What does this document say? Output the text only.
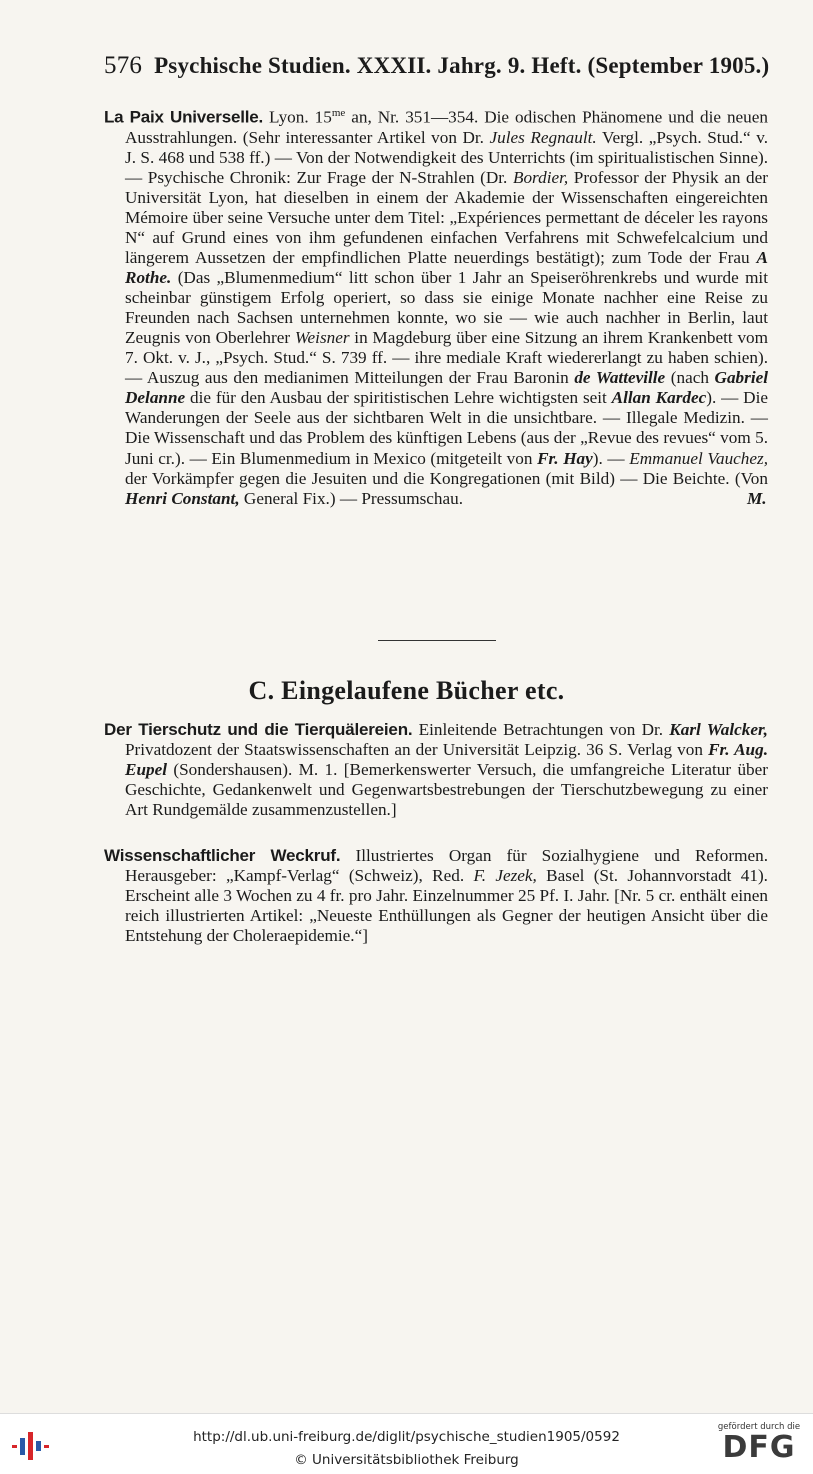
576 Psychische Studien. XXXII. Jahrg. 9. Heft. (September 1905.)

La Paix Universelle. Lyon. $15^{me}$ an, Nr. 351—354. Die odischen Phänomene und die neuen Ausstrahlungen. (Sehr interessanter Artikel von Dr. Jules Regnault. Vergl. „Psych. Stud.“ v. J. S. 468 und 538 ff.) — Von der Notwendigkeit des Unterrichts (im spiritualistischen Sinne). — Psychische Chronik: Zur Frage der N-Strahlen (Dr. Bordier, Professor der Physik an der Universität Lyon, hat dieselben in einem der Akademie der Wissenschaften eingereichten Mémoire über seine Versuche unter dem Titel: „Expériences permettant de déceler les rayons N“ auf Grund eines von ihm gefundenen einfachen Verfahrens mit Schwefelcalcium und längerem Aussetzen der empfindlichen Platte neuerdings bestätigt); zum Tode der Frau A Rothe. (Das „Blumenmedium“ litt schon über 1 Jahr an Speiseröhrenkrebs und wurde mit scheinbar günstigem Erfolg operiert, so dass sie einige Monate nachher eine Reise zu Freunden nach Sachsen unternehmen konnte, wo sie — wie auch nachher in Berlin, laut Zeugnis von Oberlehrer Weisner in Magdeburg über eine Sitzung an ihrem Krankenbett vom 7. Okt. v. J., „Psych. Stud.“ S. 739 ff. — ihre mediale Kraft wiedererlangt zu haben schien). — Auszug aus den medianimen Mitteilungen der Frau Baronin de Watteville (nach Gabriel Delanne die für den Ausbau der spiritistischen Lehre wichtigsten seit Allan Kardec). — Die Wanderungen der Seele aus der sichtbaren Welt in die unsichtbare. — Illegale Medizin. — Die Wissenschaft und das Problem des künftigen Lebens (aus der „Revue des revues“ vom 5. Juni cr.). — Ein Blumenmedium in Mexico (mitgeteilt von Fr. Hay). — Emmanuel Vauchez, der Vorkämpfer gegen die Jesuiten und die Kongregationen (mit Bild) — Die Beichte. (Von Henri Constant, General Fix.) — Pressumschau.	M.

C. Eingelaufene Bücher etc.

Der Tierschutz und die Tierquälereien. Einleitende Betrachtungen von Dr. Karl Walcker, Privatdozent der Staatswissenschaften an der Universität Leipzig. 36 S. Verlag von Fr. Aug. Eupel (Sondershausen). M. 1. [Bemerkenswerter Versuch, die umfangreiche Literatur über Geschichte, Gedankenwelt und Gegenwartsbestrebungen der Tierschutzbewegung zu einer Art Rundgemälde zusammenzustellen.]

Wissenschaftlicher Weckruf. Illustriertes Organ für Sozialhygiene und Reformen. Herausgeber: „Kampf-Verlag“ (Schweiz), Red. F. Jezek, Basel (St. Johannvorstadt 41). Erscheint alle 3 Wochen zu 4 fr. pro Jahr. Einzelnummer 25 Pf. I. Jahr. [Nr. 5 cr. enthält einen reich illustrierten Artikel: „Neueste Enthüllungen als Gegner der heutigen Ansicht über die Entstehung der Choleraepidemie.“]

http://dl.ub.uni-freiburg.de/diglit/psychische_studien1905/0592
© Universitätsbibliothek Freiburg
gefördert durch die
DFG
